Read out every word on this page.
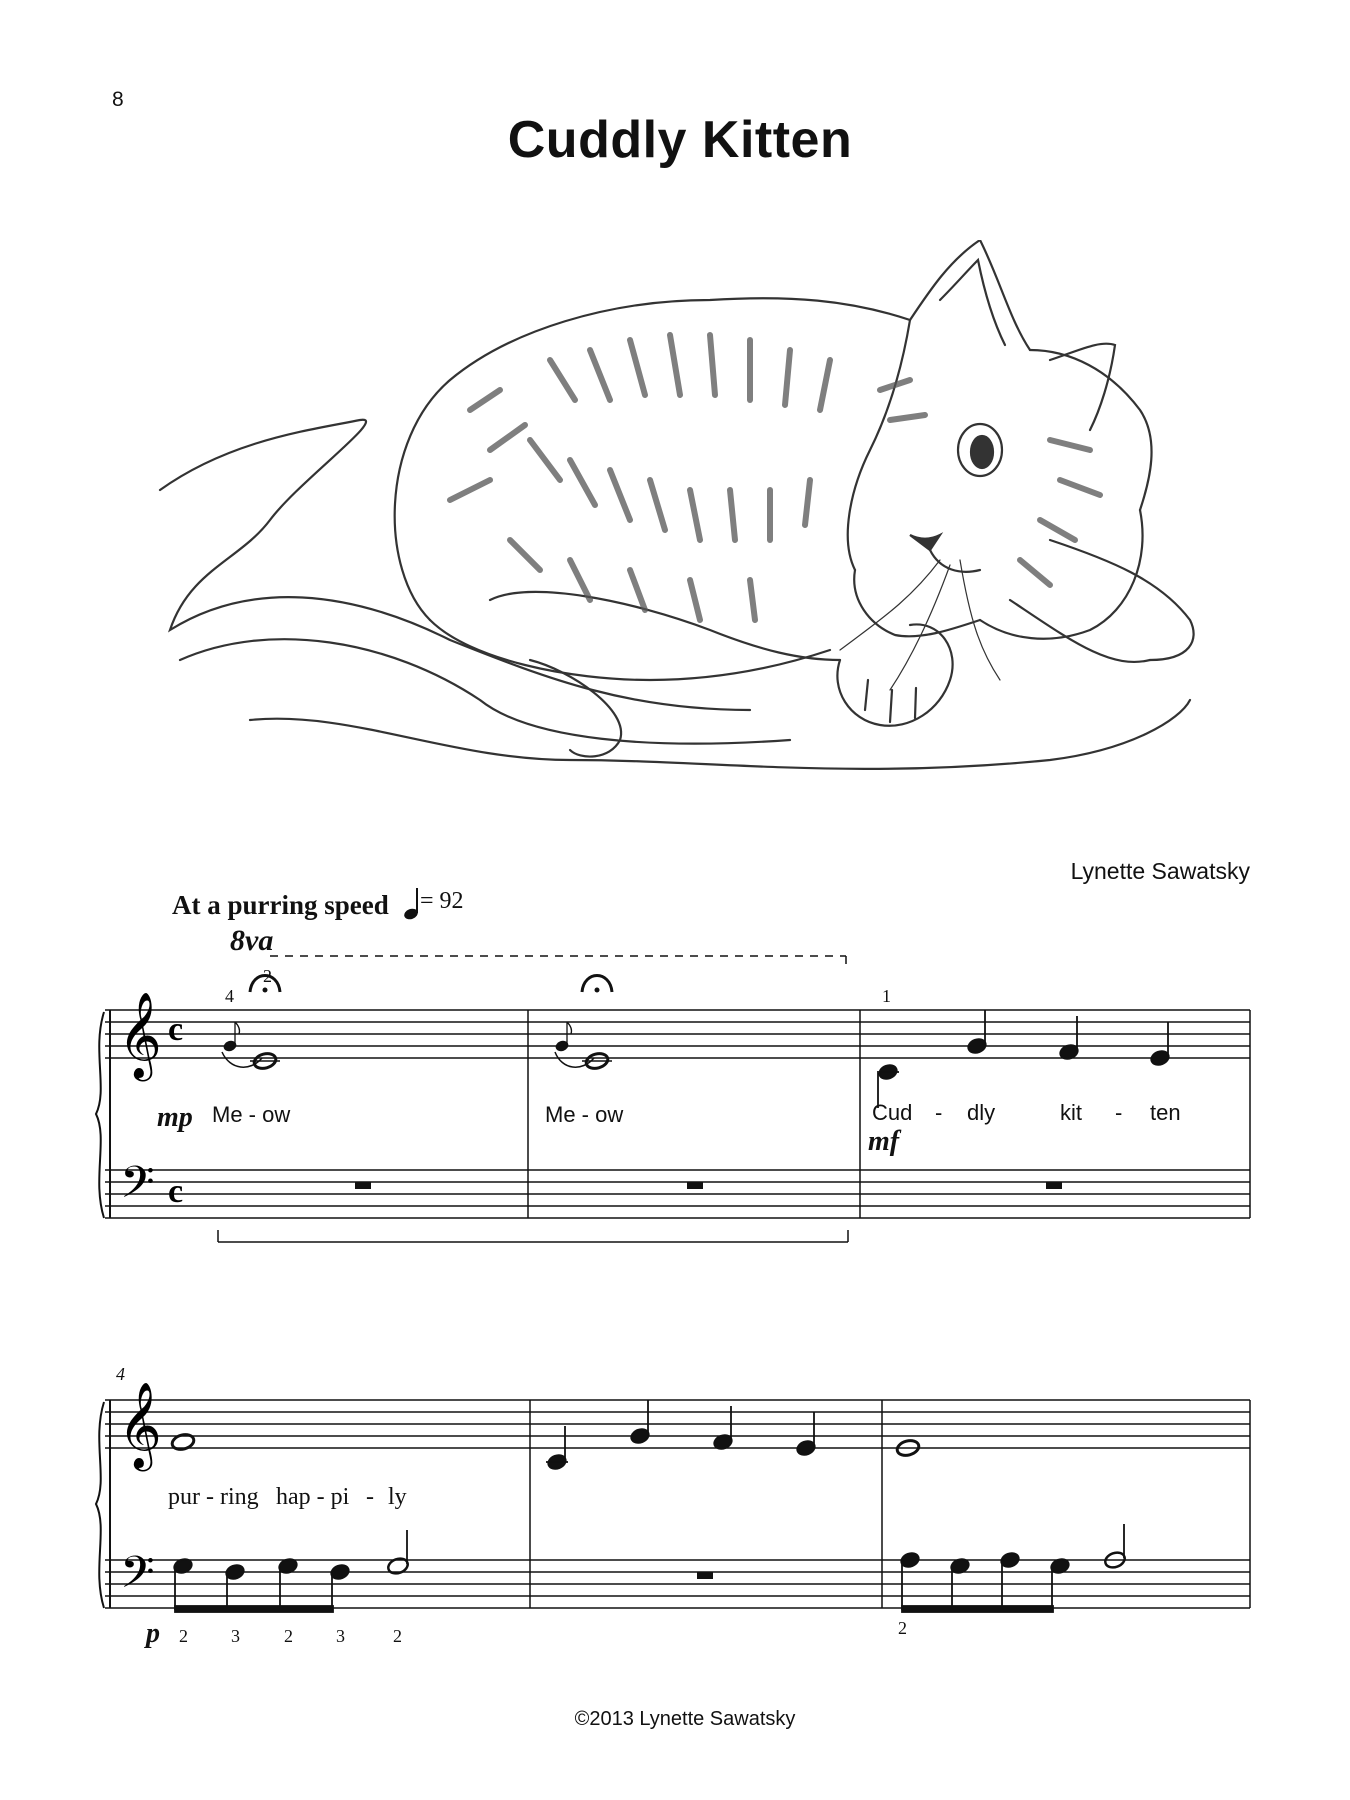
8
Cuddly Kitten
Lynette Sawatsky
At a purring speed = 92
𝄞
𝄢
c
c
8va
4
2
1
mp Me - ow	Me - ow	Cud - dly	kit - ten
mf
𝄞
𝄢
4
pur - ring hap - pi - ly
p 2 3 2 3	2	2
©2013 Lynette Sawatsky
